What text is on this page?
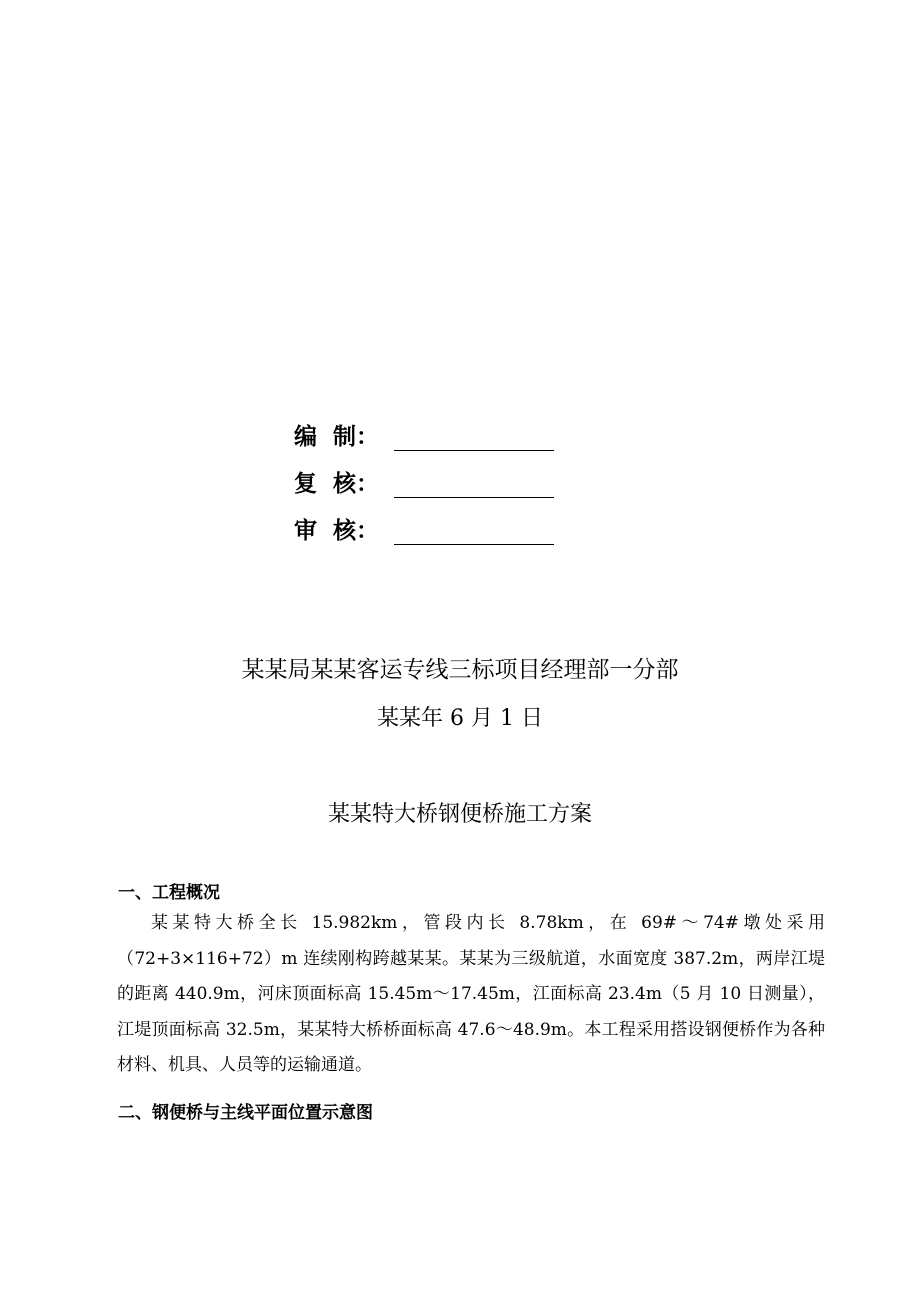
编  制：
复  核：
审  核：
某某局某某客运专线三标项目经理部一分部
某某年 6 月 1 日
某某特大桥钢便桥施工方案
一、工程概况
某某特大桥全长 15.982km，管段内长 8.78km，在 69#～74#墩处采用（72+3×116+72）m 连续刚构跨越某某。某某为三级航道，水面宽度 387.2m，两岸江堤的距离 440.9m，河床顶面标高 15.45m～17.45m，江面标高 23.4m（5 月 10 日测量），江堤顶面标高 32.5m，某某特大桥桥面标高 47.6～48.9m。本工程采用搭设钢便桥作为各种材料、机具、人员等的运输通道。
二、钢便桥与主线平面位置示意图
